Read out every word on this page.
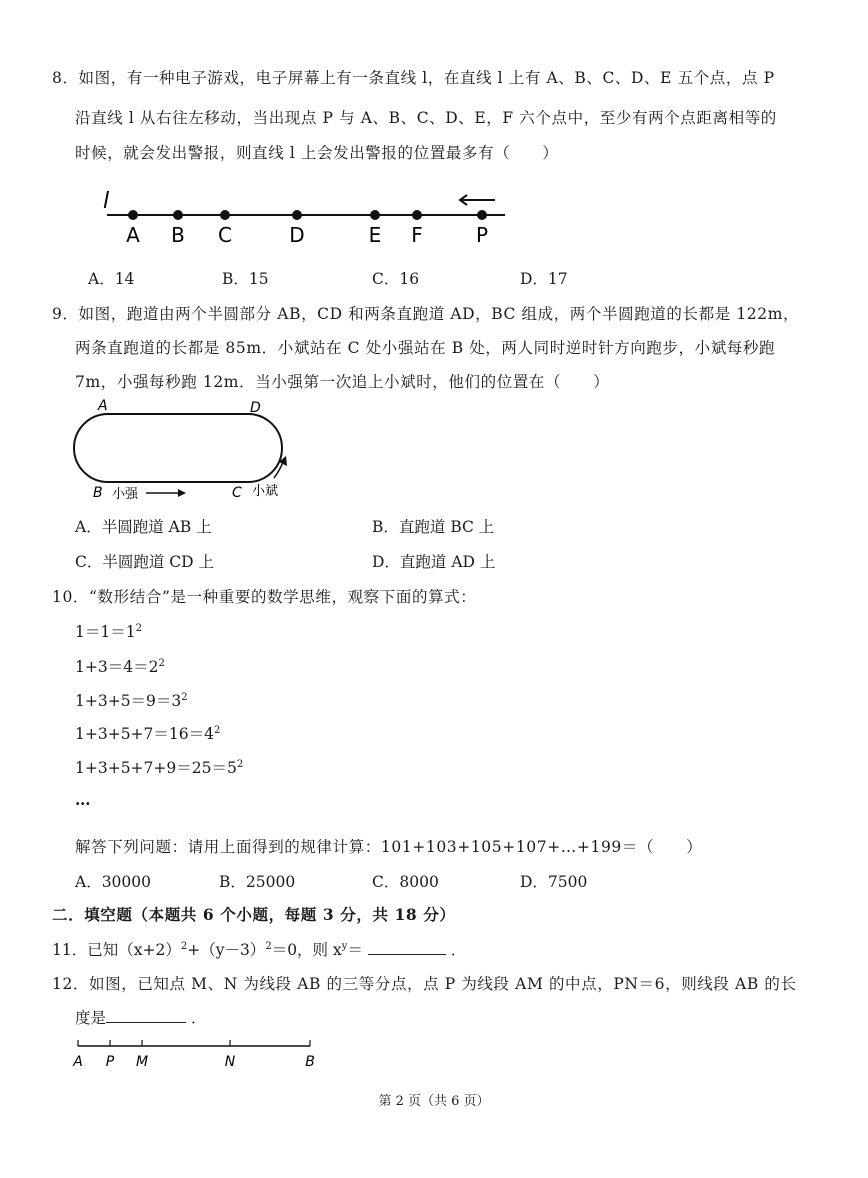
8．如图，有一种电子游戏，电子屏幕上有一条直线 l，在直线 l 上有 A、B、C、D、E 五个点，点 P
沿直线 l 从右往左移动，当出现点 P 与 A、B、C、D、E，F 六个点中，至少有两个点距离相等的
时候，就会发出警报，则直线 l 上会发出警报的位置最多有（　　）
l
A B C	D	E F	P
A．14	B．15	C．16	D．17
9．如图，跑道由两个半圆部分 AB，CD 和两条直跑道 AD，BC 组成，两个半圆跑道的长都是 122m，
两条直跑道的长都是 85m．小斌站在 C 处小强站在 B 处，两人同时逆时针方向跑步，小斌每秒跑
7m，小强每秒跑 12m．当小强第一次追上小斌时，他们的位置在（　　）
A	D
B 小强	C 小斌
A．半圆跑道 AB 上	B．直跑道 BC 上
C．半圆跑道 CD 上	D．直跑道 AD 上
10．“数形结合”是一种重要的数学思维，观察下面的算式：
$1=1=1^2$
$1+3=4=2^2$
$1+3+5=9=3^2$
$1+3+5+7=16=4^2$
$1+3+5+7+9=25=5^2$
…
解答下列问题：请用上面得到的规律计算：101+103+105+107+…+199＝（　　）
A．30000	B．25000	C．8000	D．7500
二．填空题（本题共 6 个小题，每题 3 分，共 18 分）
11．已知$(x+2)^2+(y-3)^2=0$，则 $x^y=$	．
12．如图，已知点 M、N 为线段 AB 的三等分点，点 P 为线段 AM 的中点，PN＝6，则线段 AB 的长
度是	．
A P M	N	B
第 2 页（共 6 页）
